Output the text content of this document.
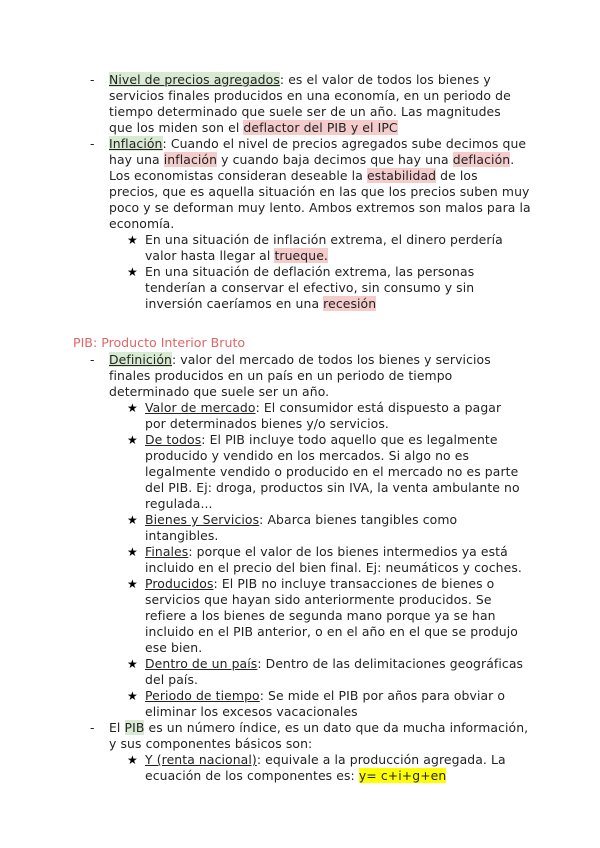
- Nivel de precios agregados: es el valor de todos los bienes y
servicios finales producidos en una economía, en un periodo de
tiempo determinado que suele ser de un año. Las magnitudes
que los miden son el deflactor del PIB y el IPC
- Inflación: Cuando el nivel de precios agregados sube decimos que
hay una inflación y cuando baja decimos que hay una deflación.
Los economistas consideran deseable la estabilidad de los
precios, que es aquella situación en las que los precios suben muy
poco y se deforman muy lento. Ambos extremos son malos para la
economía.
★ En una situación de inflación extrema, el dinero perdería
valor hasta llegar al trueque.
★ En una situación de deflación extrema, las personas
tenderían a conservar el efectivo, sin consumo y sin
inversión caeríamos en una recesión
PIB: Producto Interior Bruto
- Definición: valor del mercado de todos los bienes y servicios
finales producidos en un país en un periodo de tiempo
determinado que suele ser un año.
★ Valor de mercado: El consumidor está dispuesto a pagar
por determinados bienes y/o servicios.
★ De todos: El PIB incluye todo aquello que es legalmente
producido y vendido en los mercados. Si algo no es
legalmente vendido o producido en el mercado no es parte
del PIB. Ej: droga, productos sin IVA, la venta ambulante no
regulada...
★ Bienes y Servicios: Abarca bienes tangibles como
intangibles.
★ Finales: porque el valor de los bienes intermedios ya está
incluido en el precio del bien final. Ej: neumáticos y coches.
★ Producidos: El PIB no incluye transacciones de bienes o
servicios que hayan sido anteriormente producidos. Se
refiere a los bienes de segunda mano porque ya se han
incluido en el PIB anterior, o en el año en el que se produjo
ese bien.
★ Dentro de un país: Dentro de las delimitaciones geográficas
del país.
★ Periodo de tiempo: Se mide el PIB por años para obviar o
eliminar los excesos vacacionales
- El PIB es un número índice, es un dato que da mucha información,
y sus componentes básicos son:
★ Y (renta nacional): equivale a la producción agregada. La
ecuación de los componentes es: y= c+i+g+en
